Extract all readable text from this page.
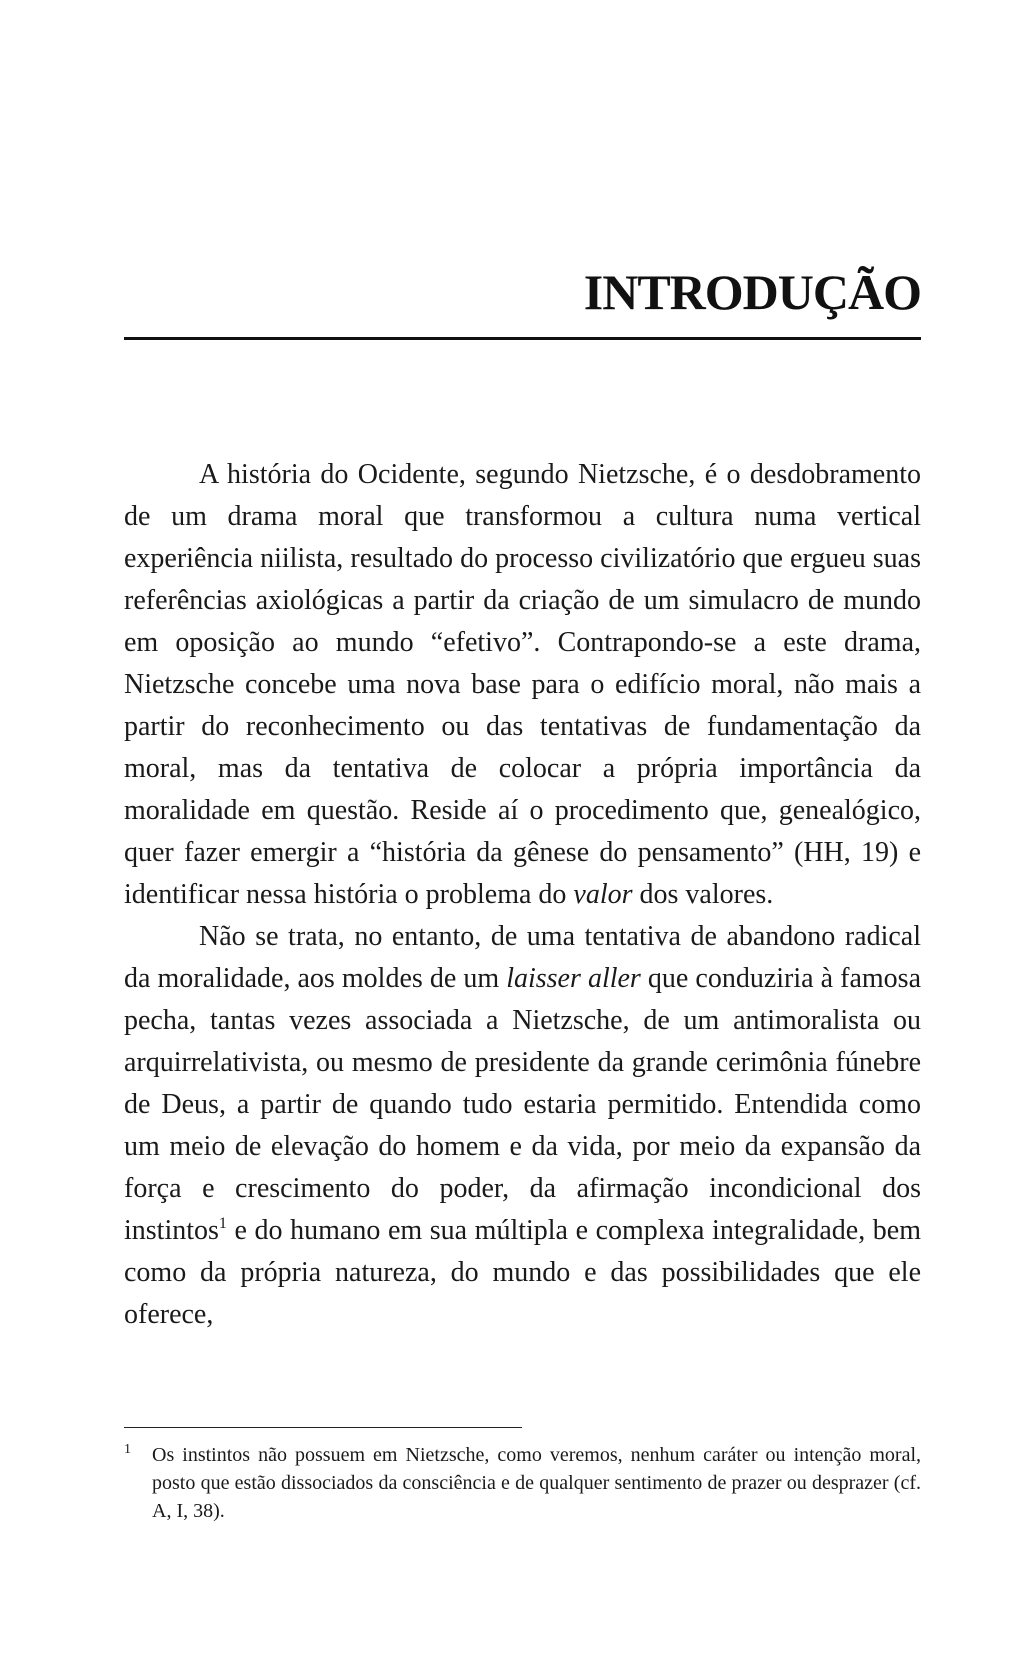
INTRODUÇÃO

A história do Ocidente, segundo Nietzsche, é o desdobramento de um drama moral que transformou a cultura numa vertical experiência niilista, resultado do processo civilizatório que ergueu suas referências axiológicas a partir da criação de um simulacro de mundo em oposição ao mundo “efetivo”. Contrapondo-se a este drama, Nietzsche concebe uma nova base para o edifício moral, não mais a partir do reconhecimento ou das tentativas de fundamentação da moral, mas da tentativa de colocar a própria importância da moralidade em questão. Reside aí o procedimento que, genealógico, quer fazer emergir a “história da gênese do pensamento” (HH, 19) e identificar nessa história o problema do valor dos valores.

Não se trata, no entanto, de uma tentativa de abandono radical da moralidade, aos moldes de um laisser aller que conduziria à famosa pecha, tantas vezes associada a Nietzsche, de um antimoralista ou arquirrelativista, ou mesmo de presidente da grande cerimônia fúnebre de Deus, a partir de quando tudo estaria permitido. Entendida como um meio de elevação do homem e da vida, por meio da expansão da força e crescimento do poder, da afirmação incondicional dos instintos$^1$ e do humano em sua múltipla e complexa integralidade, bem como da própria natureza, do mundo e das possibilidades que ele oferece,

1 Os instintos não possuem em Nietzsche, como veremos, nenhum caráter ou intenção moral, posto que estão dissociados da consciência e de qualquer sentimento de prazer ou desprazer (cf. A, I, 38).
